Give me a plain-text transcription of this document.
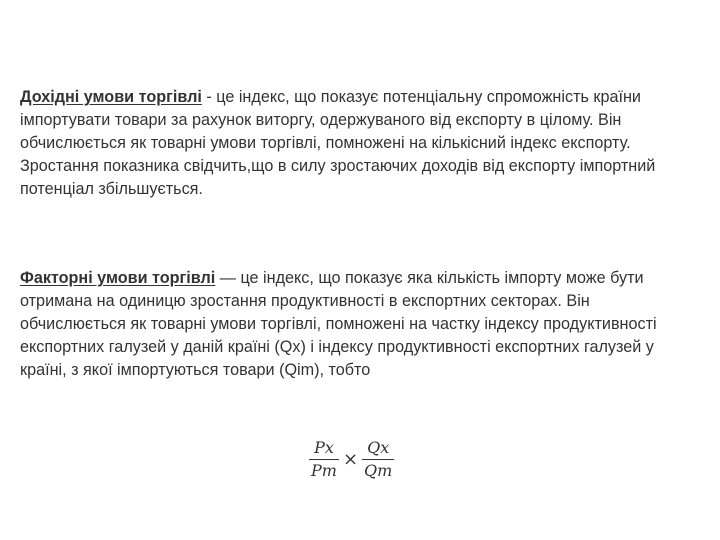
Дохідні умови торгівлі - це індекс, що показує потенціальну спроможність країни імпортувати товари за рахунок виторгу, одержуваного від експорту в цілому. Він обчислюється як товарні умови торгівлі, помножені на кількісний індекс експорту. Зростання показника свідчить,що в силу зростаючих доходів від експорту імпортний потенціал збільшується.

Факторні умови торгівлі — це індекс, що показує яка кількість імпорту може бути отримана на одиницю зростання продуктивності в експортних секторах. Він обчислюється як товарні умови торгівлі, помножені на частку індексу продуктивності експортних галузей у даній країні (Qx) і індексу продуктивності експортних галузей у країні, з якої імпортуються товари (Qim), тобто

$\frac{Px}{Pm} \times \frac{Qx}{Qm}$
